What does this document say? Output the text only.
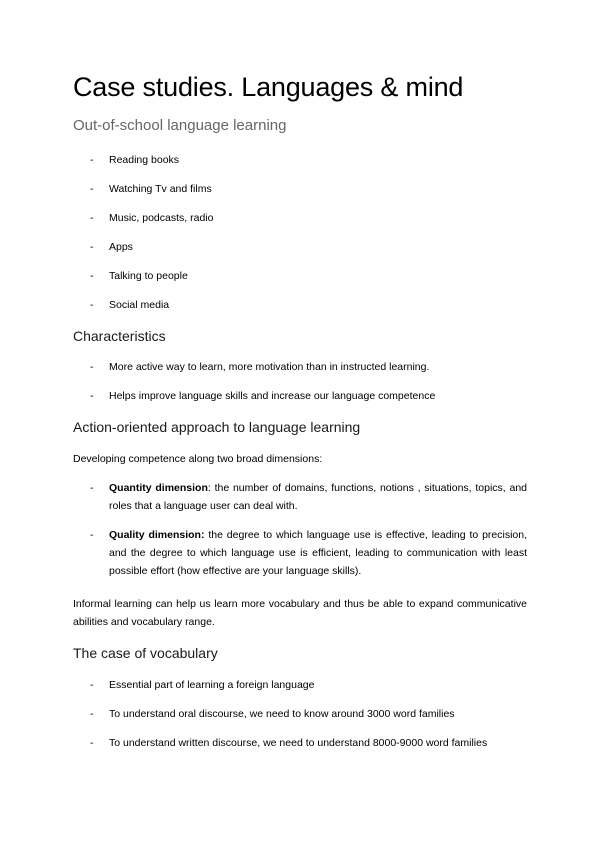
Case studies. Languages & mind
Out-of-school language learning
- Reading books
- Watching Tv and films
- Music, podcasts, radio
- Apps
- Talking to people
- Social media
Characteristics
- More active way to learn, more motivation than in instructed learning.
- Helps improve language skills and increase our language competence
Action-oriented approach to language learning

Developing competence along two broad dimensions:

- Quantity dimension: the number of domains, functions, notions , situations, topics, and roles that a language user can deal with.
- Quality dimension: the degree to which language use is effective, leading to precision, and the degree to which language use is efficient, leading to communication with least possible effort (how effective are your language skills).

Informal learning can help us learn more vocabulary and thus be able to expand communicative abilities and vocabulary range.

The case of vocabulary
- Essential part of learning a foreign language
- To understand oral discourse, we need to know around 3000 word families
- To understand written discourse, we need to understand 8000-9000 word families
